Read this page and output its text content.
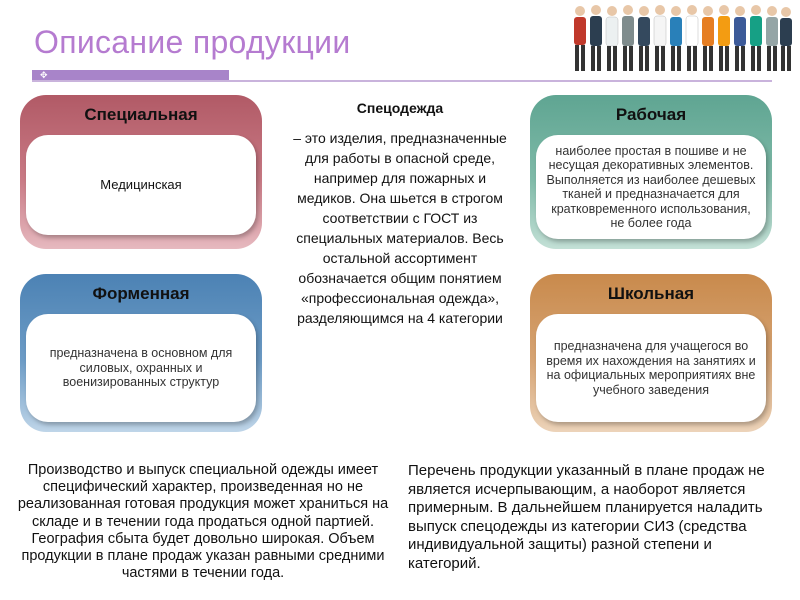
Описание продукции
✥
Специальная
Медицинская
Рабочая
наиболее простая в пошиве и не несущая декоративных элементов. Выполняется из наиболее дешевых тканей и предназначается для кратковременного использования, не более года
Форменная
предназначена в основном для силовых, охранных и военизированных структур
Школьная
предназначена для учащегося во время их нахождения на занятиях и на официальных мероприятиях вне учебного заведения
Спецодежда
– это изделия, предназначенные для работы в опасной среде, например для пожарных и медиков. Она шьется в строгом соответствии с ГОСТ из специальных материалов. Весь остальной ассортимент обозначается общим понятием «профессиональная одежда», разделяющимся на 4 категории
Производство и выпуск специальной одежды имеет специфический характер, произведенная но не реализованная готовая продукция может храниться на складе и в течении года продаться одной партией. География сбыта будет довольно широкая. Объем продукции в плане продаж указан равными средними частями в течении года.
Перечень продукции указанный в плане продаж не является исчерпывающим, а наоборот является примерным. В дальнейшем планируется наладить выпуск спецодежды из категории СИЗ (средства индивидуальной защиты) разной степени и категорий.
